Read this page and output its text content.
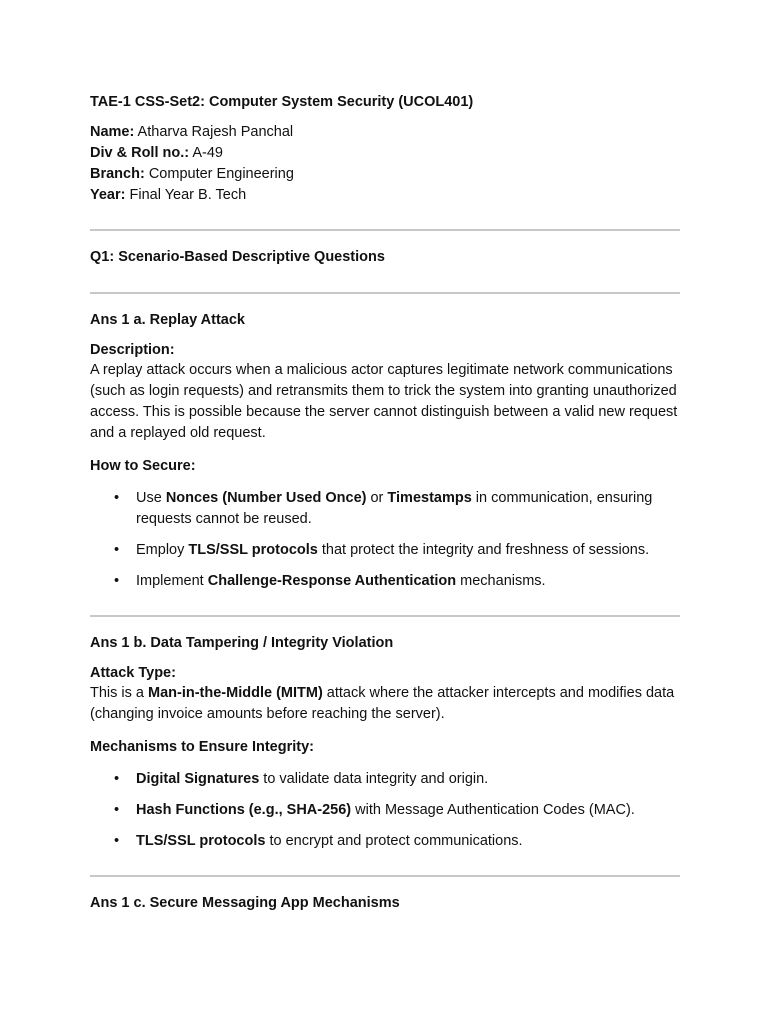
TAE-1 CSS-Set2: Computer System Security (UCOL401)

Name: Atharva Rajesh Panchal

Div & Roll no.: A-49

Branch: Computer Engineering

Year: Final Year B. Tech

Q1: Scenario-Based Descriptive Questions
Ans 1 a. Replay Attack
Description:

A replay attack occurs when a malicious actor captures legitimate network communications (such as login requests) and retransmits them to trick the system into granting unauthorized access. This is possible because the server cannot distinguish between a valid new request and a replayed old request.

How to Secure:
• Use Nonces (Number Used Once) or Timestamps in communication, ensuring requests cannot be reused.
• Employ TLS/SSL protocols that protect the integrity and freshness of sessions.
• Implement Challenge-Response Authentication mechanisms.
Ans 1 b. Data Tampering / Integrity Violation
Attack Type:

This is a Man-in-the-Middle (MITM) attack where the attacker intercepts and modifies data (changing invoice amounts before reaching the server).

Mechanisms to Ensure Integrity:
• Digital Signatures to validate data integrity and origin.
• Hash Functions (e.g., SHA-256) with Message Authentication Codes (MAC).
• TLS/SSL protocols to encrypt and protect communications.
Ans 1 c. Secure Messaging App Mechanisms
